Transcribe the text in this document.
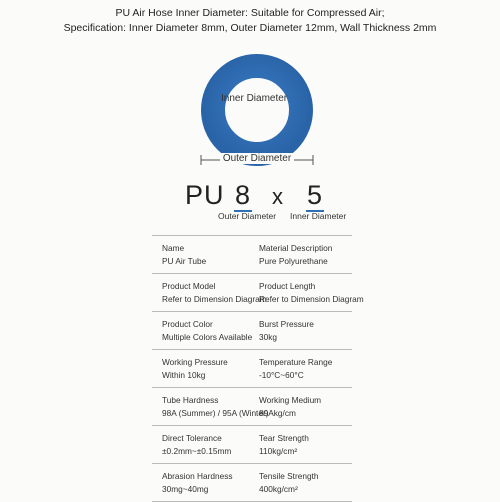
PU Air Hose Inner Diameter: Suitable for Compressed Air;
Specification: Inner Diameter 8mm, Outer Diameter 12mm, Wall Thickness 2mm
Inner Diameter
Outer Diameter
PU 8 x 5
Outer Diameter Inner Diameter
Name
PU Air Tube
Material Description
Pure Polyurethane
Product Model
Refer to Dimension Diagram
Product Length
Refer to Dimension Diagram
Product Color
Multiple Colors Available
Burst Pressure
30kg
Working Pressure
Within 10kg
Temperature Range
-10°C~60°C
Tube Hardness
98A (Summer) / 95A (Winter)
Working Medium
89Akg/cm
Direct Tolerance
±0.2mm~±0.15mm
Tear Strength
110kg/cm²
Abrasion Hardness
30mg~40mg
Tensile Strength
400kg/cm²
